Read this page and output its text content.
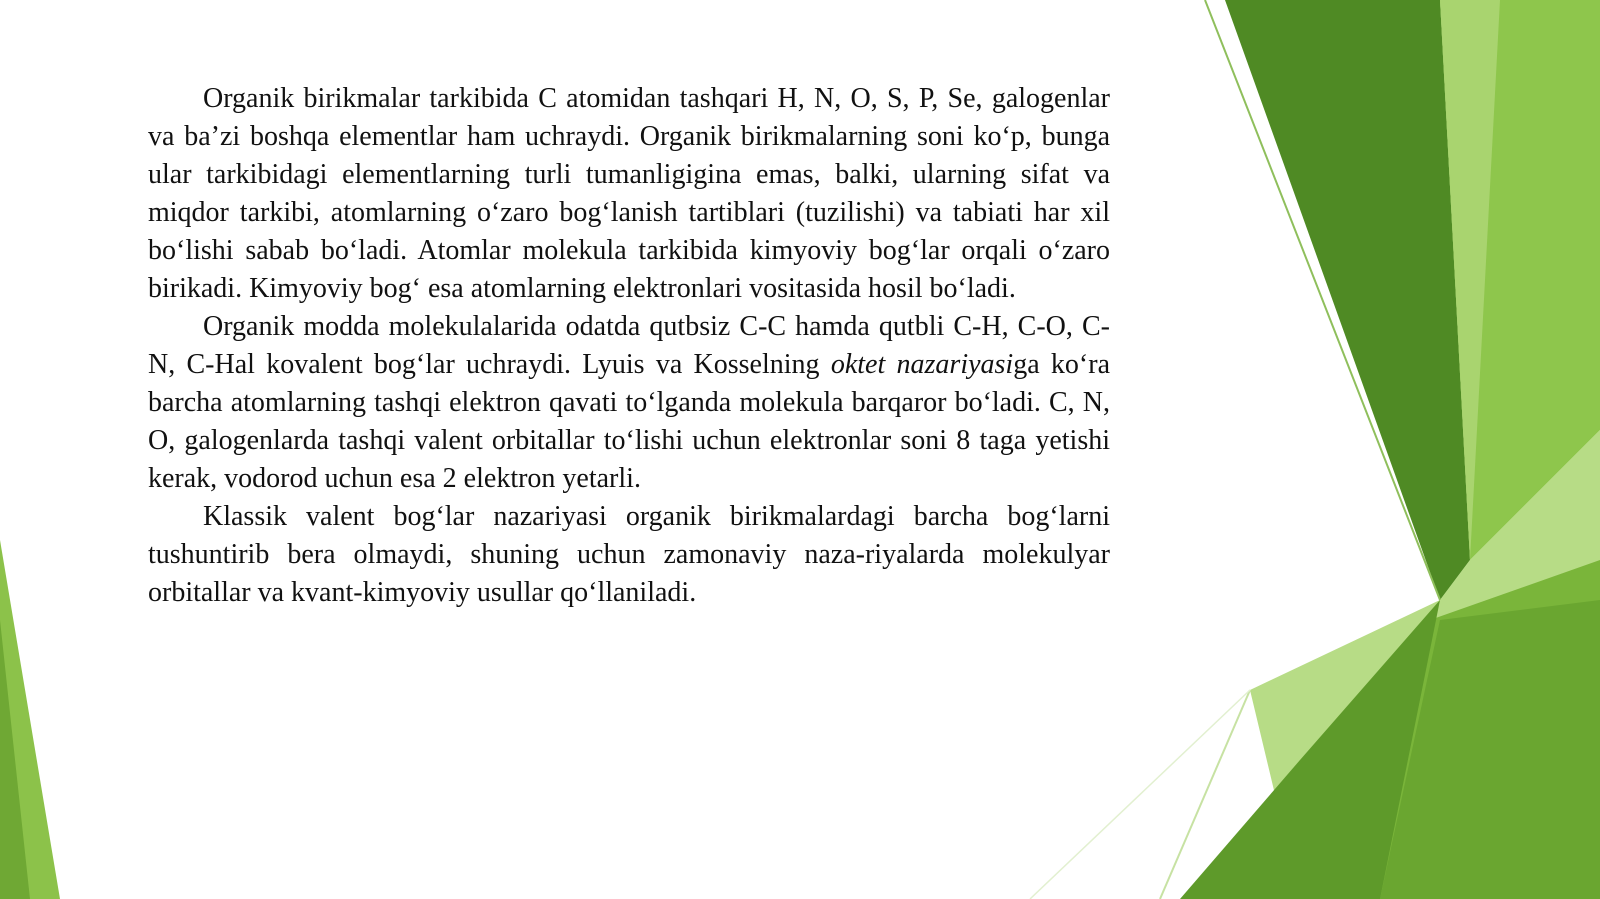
Organik birikmalar tarkibida C atomidan tashqari H, N, O, S, P, Se, galogenlar va ba’zi boshqa elementlar ham uchraydi. Organik birikmalarning soni ko‘p, bunga ular tarkibidagi elementlarning turli tumanligigina emas, balki, ularning sifat va miqdor tarkibi, atomlarning o‘zaro bog‘lanish tartiblari (tuzilishi) va tabiati har xil bo‘lishi sabab bo‘ladi. Atomlar molekula tarkibida kimyoviy bog‘lar orqali o‘zaro birikadi. Kimyoviy bog‘ esa atomlarning elektronlari vositasida hosil bo‘ladi.

Organik modda molekulalarida odatda qutbsiz C-C hamda qutbli C-H, C-O, C-N, C-Hal kovalent bog‘lar uchraydi. Lyuis va Kosselning oktet nazariyasiga ko‘ra barcha atomlarning tashqi elektron qavati to‘lganda molekula barqaror bo‘ladi. C, N, O, galogenlarda tashqi valent orbitallar to‘lishi uchun elektronlar soni 8 taga yetishi kerak, vodorod uchun esa 2 elektron yetarli.

Klassik valent bog‘lar nazariyasi organik birikmalardagi barcha bog‘larni tushuntirib bera olmaydi, shuning uchun zamonaviy naza-riyalarda molekulyar orbitallar va kvant-kimyoviy usullar qo‘llaniladi.
